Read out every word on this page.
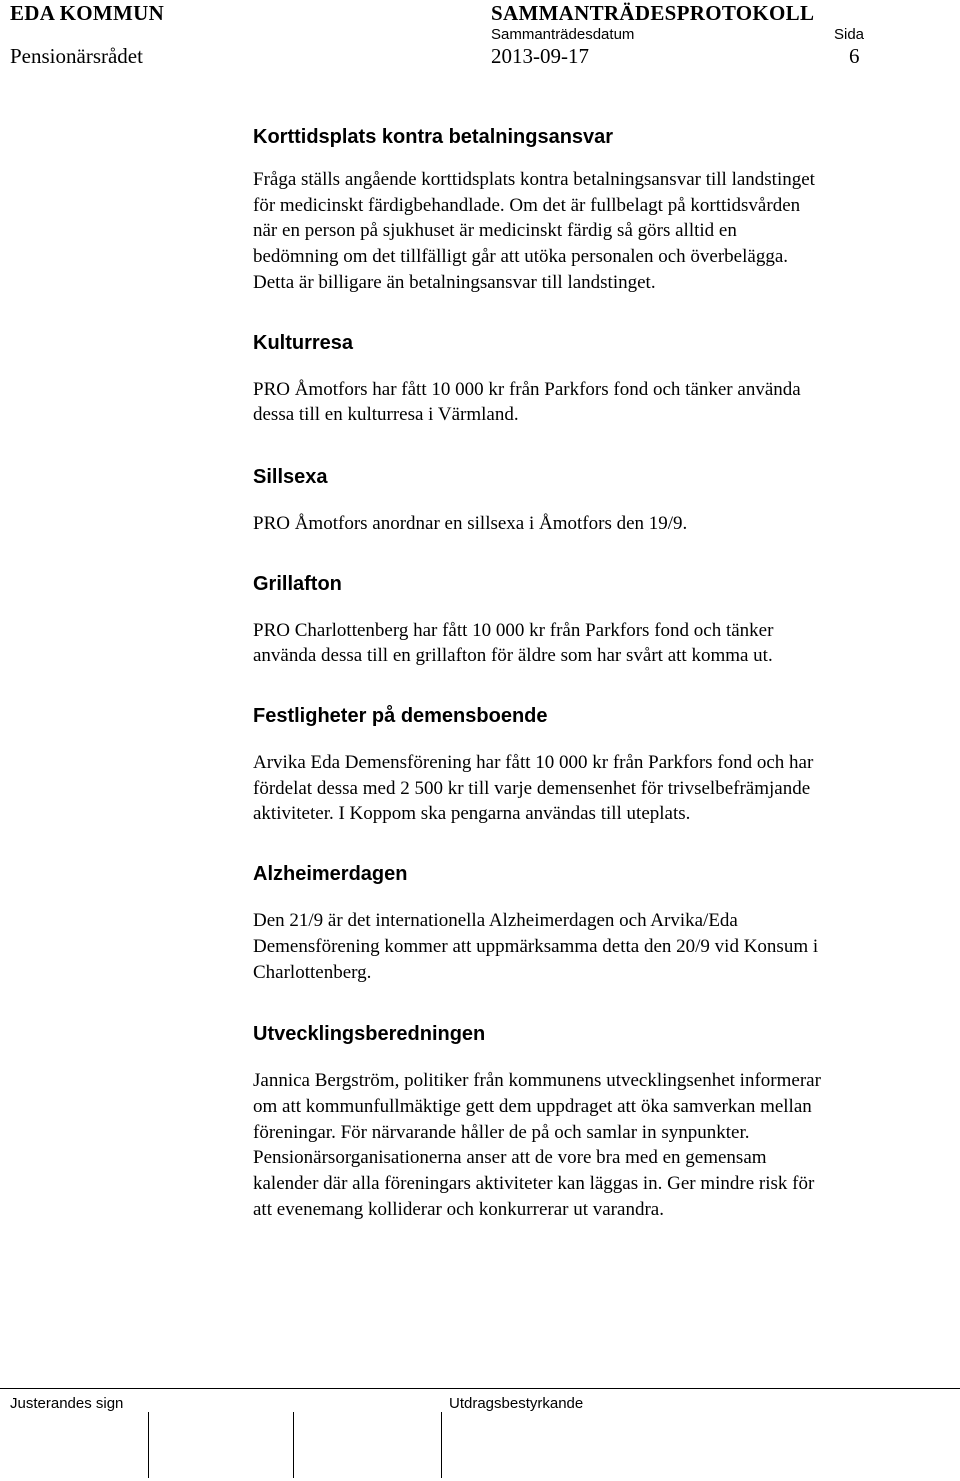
EDA KOMMUN	SAMMANTRÄDESPROTOKOLL
Sammanträdesdatum	Sida
Pensionärsrådet	2013-09-17	6
Korttidsplats kontra betalningsansvar

Fråga ställs angående korttidsplats kontra betalningsansvar till landstinget
för medicinskt färdigbehandlade. Om det är fullbelagt på korttidsvården
när en person på sjukhuset är medicinskt färdig så görs alltid en
bedömning om det tillfälligt går att utöka personalen och överbelägga.
Detta är billigare än betalningsansvar till landstinget.

Kulturresa

PRO Åmotfors har fått 10 000 kr från Parkfors fond och tänker använda
dessa till en kulturresa i Värmland.

Sillsexa

PRO Åmotfors anordnar en sillsexa i Åmotfors den 19/9.

Grillafton

PRO Charlottenberg har fått 10 000 kr från Parkfors fond och tänker
använda dessa till en grillafton för äldre som har svårt att komma ut.

Festligheter på demensboende

Arvika Eda Demensförening har fått 10 000 kr från Parkfors fond och har
fördelat dessa med 2 500 kr till varje demensenhet för trivselbefrämjande
aktiviteter. I Koppom ska pengarna användas till uteplats.

Alzheimerdagen

Den 21/9 är det internationella Alzheimerdagen och Arvika/Eda
Demensförening kommer att uppmärksamma detta den 20/9 vid Konsum i
Charlottenberg.

Utvecklingsberedningen

Jannica Bergström, politiker från kommunens utvecklingsenhet informerar
om att kommunfullmäktige gett dem uppdraget att öka samverkan mellan
föreningar. För närvarande håller de på och samlar in synpunkter.
Pensionärsorganisationerna anser att de vore bra med en gemensam
kalender där alla föreningars aktiviteter kan läggas in. Ger mindre risk för
att evenemang kolliderar och konkurrerar ut varandra.

Justerandes sign	Utdragsbestyrkande
